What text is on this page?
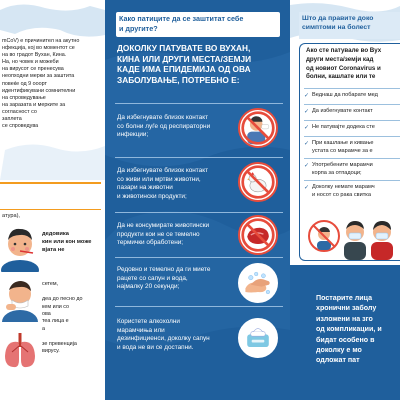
mCoV) е причинител на акутно
нфекција, кој во моментот се
на во градот Вухан, Кина.
На, но човек и можеби
на вирусот се пренесува
неопходни мерки за заштита
повеќе од 9 ооорт
идентификувани сомнителни
на спроведување
на заразата и мерките за
согласност со
заплета
се спроведува
атура),
дедовика
кин или кон може
вјата не
сетем,

деа до песно до
кем или со
ова
теа лица е
а

зе превенција
вирусу.
Како патиците да се заштитат себе
и другите?
ДОКОЛКУ ПАТУВАТЕ ВО ВУХАН,
КИНА ИЛИ ДРУГИ МЕСТА/ЗЕМЈИ
КАДЕ ИМА ЕПИДЕМИЈА ОД ОВА
ЗАБОЛУВАЊЕ, ПОТРЕБНО Е:
Да избегнувате близок контакт
со болни луѓе од респираторни
инфекции;
Да избегнувате близок контакт
со живи или мртви животни,
пазари на животни
и животински продукти;
Да не консумирате животински
продукти кои не се темелно
термички обработени;
Редовно и темелно да ги миете
рацете со сапун и вода,
најмалку 20 секунди;
Користете алкохолни
марамчиња или
дезинфициенси, доколку сапун
и вода не ви се достапни.
Што да правите доко
симптоми на болест
Ако сте патувале во Вух
други места/земји кад
од новиот Coronavirus и
болни, кашлате или те
✓ Веднаш да побарате мед
✓ Да избегнувате контакт
✓ Не патувајте додека сте
✓ При кашлање и кивање
устата со марамче за е
✓ Употребените марамчи
корпа за отпадоци;
✓ Доколку немате марамч
и носот со рака свитка
Постарите лица
хронични заболу
изложени на зго
од компликации, и
бидат особено в
доколку е мо
одложат пат
